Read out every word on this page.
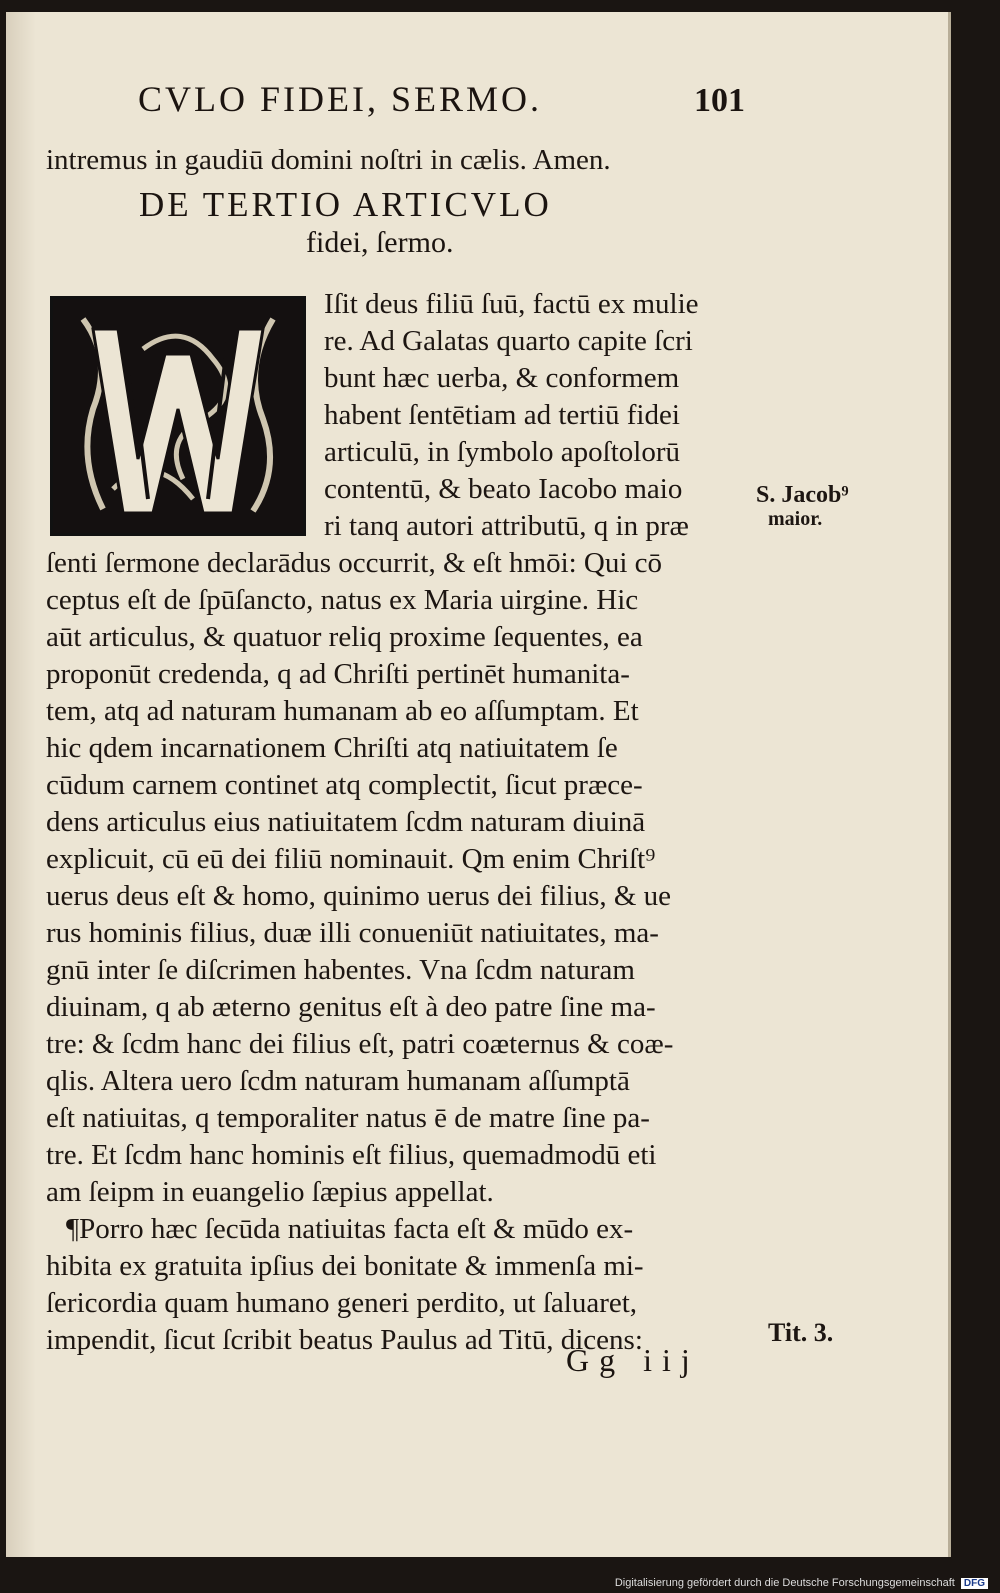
CVLO FIDEI, SERMO.	101
intremus in gaudiū domini noſtri in cælis. Amen.
DE TERTIO ARTICVLO
fidei, ſermo.
M
Iſit deus filiū ſuū, factū ex mulie
re. Ad Galatas quarto capite ſcri
bunt hæc uerba, & conformem
habent ſentētiam ad tertiū fidei
articulū, in ſymbolo apoſtolorū
contentū, & beato Iacobo maio
ri tanq autori attributū, q in præ
ſenti ſermone declarādus occurrit, & eſt hmōi: Qui cō
ceptus eſt de ſpūſancto, natus ex Maria uirgine. Hic
aūt articulus, & quatuor reliq proxime ſequentes, ea
proponūt credenda, q ad Chriſti pertinēt humanita-
tem, atq ad naturam humanam ab eo aſſumptam. Et
hic qdem incarnationem Chriſti atq natiuitatem ſe
cūdum carnem continet atq complectit, ſicut præce-
dens articulus eius natiuitatem ſcdm naturam diuinā
explicuit, cū eū dei filiū nominauit. Qm enim Chriſt⁹
uerus deus eſt & homo, quinimo uerus dei filius, & ue
rus hominis filius, duæ illi conueniūt natiuitates, ma-
gnū inter ſe diſcrimen habentes. Vna ſcdm naturam
diuinam, q ab æterno genitus eſt à deo patre ſine ma-
tre: & ſcdm hanc dei filius eſt, patri coæternus & coæ-
qlis. Altera uero ſcdm naturam humanam aſſumptā
eſt natiuitas, q temporaliter natus ē de matre ſine pa-
tre. Et ſcdm hanc hominis eſt filius, quemadmodū eti
am ſeipm in euangelio ſæpius appellat.
¶Porro hæc ſecūda natiuitas facta eſt & mūdo ex-
hibita ex gratuita ipſius dei bonitate & immenſa mi-
ſericordia quam humano generi perdito, ut ſaluaret,
impendit, ſicut ſcribit beatus Paulus ad Titū, dicens:
S. Jacob⁹
maior.
Tit. 3.
Gg iij
Digitalisierung gefördert durch die Deutsche Forschungsgemeinschaft DFG
